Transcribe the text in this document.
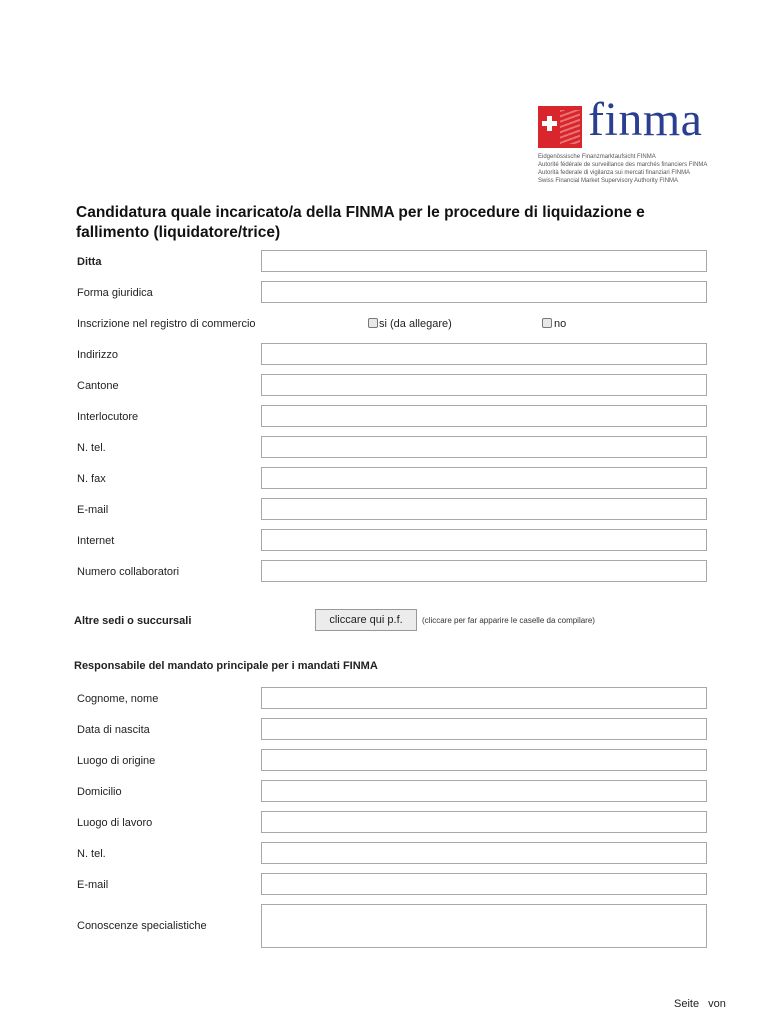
finma
Eidgenössische Finanzmarktaufsicht FINMA
Autorité fédérale de surveillance des marchés financiers FINMA
Autorità federale di vigilanza sui mercati finanziari FINMA
Swiss Financial Market Supervisory Authority FINMA
Candidatura quale incaricato/a della FINMA per le procedure di liquidazione e fallimento (liquidatore/trice)
Ditta
Forma giuridica
Inscrizione nel registro di commercio	si (da allegare)	no
Indirizzo
Cantone
Interlocutore
N. tel.
N. fax
E-mail
Internet
Numero collaboratori
Altre sedi o succursali	cliccare qui p.f.	(cliccare per far apparire le caselle da compilare)
Responsabile del mandato principale per i mandati FINMA
Cognome, nome
Data di nascita
Luogo di origine
Domicilio
Luogo di lavoro
N. tel.
E-mail
Conoscenze specialistiche
Seite von
